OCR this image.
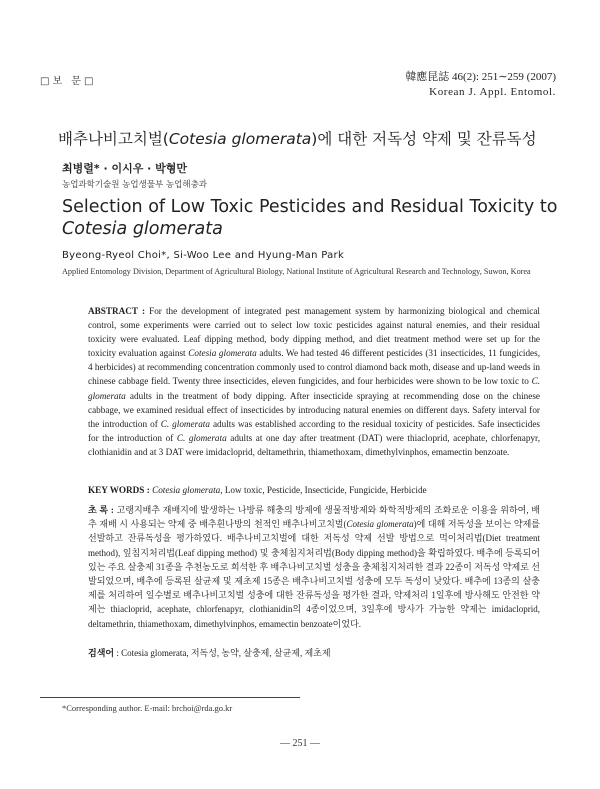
□보 문□	韓應昆誌 46(2): 251∼259 (2007)
Korean J. Appl. Entomol.
배추나비고치벌(Cotesia glomerata)에 대한 저독성 약제 및 잔류독성
최병렬* · 이시우 · 박형만
농업과학기술원 농업생물부 농업해충과
Selection of Low Toxic Pesticides and Residual Toxicity to Cotesia glomerata
Byeong-Ryeol Choi*, Si-Woo Lee and Hyung-Man Park
Applied Entomology Division, Department of Agricultural Biology, National Institute of Agricultural Research and Technology, Suwon, Korea
ABSTRACT : For the development of integrated pest management system by harmonizing biological and chemical control, some experiments were carried out to select low toxic pesticides against natural enemies, and their residual toxicity were evaluated. Leaf dipping method, body dipping method, and diet treatment method were set up for the toxicity evaluation against Cotesia glomerata adults. We had tested 46 different pesticides (31 insecticides, 11 fungicides, 4 herbicides) at recommending concentration commonly used to control diamond back moth, disease and up-land weeds in chinese cabbage field. Twenty three insecticides, eleven fungicides, and four herbicides were shown to be low toxic to C. glomerata adults in the treatment of body dipping. After insecticide spraying at recommending dose on the chinese cabbage, we examined residual effect of insecticides by introducing natural enemies on different days. Safety interval for the introduction of C. glomerata adults was established according to the residual toxicity of pesticides. Safe insecticides for the introduction of C. glomerata adults at one day after treatment (DAT) were thiacloprid, acephate, chlorfenapyr, clothianidin and at 3 DAT were imidacloprid, deltamethrin, thiamethoxam, dimethylvinphos, emamectin benzoate.
KEY WORDS : Cotesia glomerata, Low toxic, Pesticide, Insecticide, Fungicide, Herbicide
초 록 : 고랭지배추 재배지에 발생하는 나방류 해충의 방제에 생물적방제와 화학적방제의 조화로운 이용을 위하여, 배추 재배 시 사용되는 약제 중 배추흰나방의 천적인 배추나비고치벌(Cotesia glomerata)에 대해 저독성을 보이는 약제를 선발하고 잔류독성을 평가하였다. 배추나비고치벌에 대한 저독성 약제 선발 방법으로 먹이처리법(Diet treatment method), 잎침지처리법(Leaf dipping method) 및 충체침지처리법(Body dipping method)을 확립하였다. 배추에 등록되어 있는 주요 살충제 31종을 추천농도로 희석한 후 배추나비고치벌 성충을 충체침지처리한 결과 22종이 저독성 약제로 선발되었으며, 배추에 등록된 살균제 및 제초제 15종은 배추나비고치벌 성충에 모두 독성이 낮았다. 배추에 13종의 살충제를 처리하여 일수별로 배추나비고치벌 성충에 대한 잔류독성을 평가한 결과, 약제처리 1일후에 방사해도 안전한 약제는 thiacloprid, acephate, chlorfenapyr, clothianidin의 4종이었으며, 3일후에 방사가 가능한 약제는 imidacloprid, deltamethrin, thiamethoxam, dimethylvinphos, emamectin benzoate이었다.
검색어 : Cotesia glomerata, 저독성, 농약, 살충제, 살균제, 제초제
*Corresponding author. E-mail: brchoi@rda.go.kr
— 251 —
